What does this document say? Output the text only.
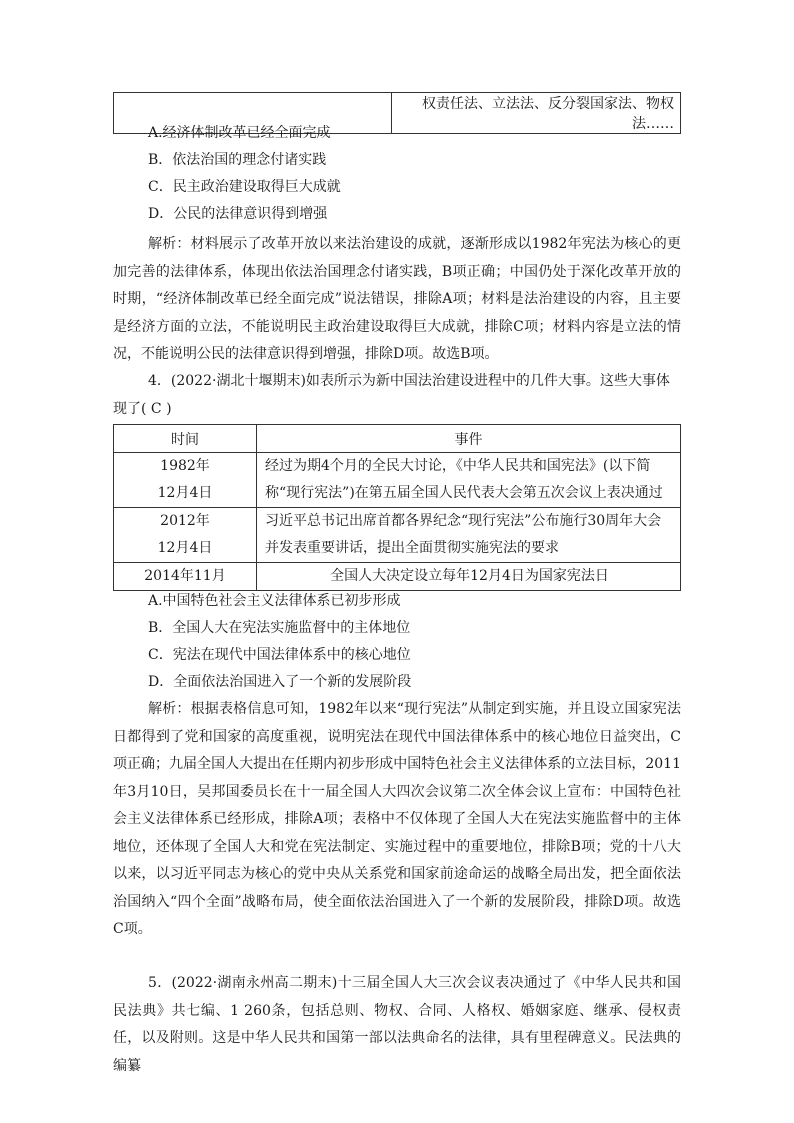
	权责任法、立法法、反分裂国家法、物权法……

A.经济体制改革已经全面完成

B．依法治国的理念付诸实践

C．民主政治建设取得巨大成就

D．公民的法律意识得到增强

解析：材料展示了改革开放以来法治建设的成就，逐渐形成以1982年宪法为核心的更加完善的法律体系，体现出依法治国理念付诸实践，B项正确；中国仍处于深化改革开放的时期，“经济体制改革已经全面完成”说法错误，排除A项；材料是法治建设的内容，且主要是经济方面的立法，不能说明民主政治建设取得巨大成就，排除C项；材料内容是立法的情况，不能说明公民的法律意识得到增强，排除D项。故选B项。

4．(2022·湖北十堰期末)如表所示为新中国法治建设进程中的几件大事。这些大事体现了( C )

时间	事件

1982年
12月4日	经过为期4个月的全民大讨论，《中华人民共和国宪法》(以下简称“现行宪法”)在第五届全国人民代表大会第五次会议上表决通过

2012年
12月4日	习近平总书记出席首都各界纪念“现行宪法”公布施行30周年大会并发表重要讲话，提出全面贯彻实施宪法的要求
2014年11月	全国人大决定设立每年12月4日为国家宪法日

A.中国特色社会主义法律体系已初步形成

B．全国人大在宪法实施监督中的主体地位

C．宪法在现代中国法律体系中的核心地位

D．全面依法治国进入了一个新的发展阶段

解析：根据表格信息可知，1982年以来“现行宪法”从制定到实施，并且设立国家宪法日都得到了党和国家的高度重视，说明宪法在现代中国法律体系中的核心地位日益突出，C项正确；九届全国人大提出在任期内初步形成中国特色社会主义法律体系的立法目标，2011年3月10日，吴邦国委员长在十一届全国人大四次会议第二次全体会议上宣布：中国特色社会主义法律体系已经形成，排除A项；表格中不仅体现了全国人大在宪法实施监督中的主体地位，还体现了全国人大和党在宪法制定、实施过程中的重要地位，排除B项；党的十八大以来，以习近平同志为核心的党中央从关系党和国家前途命运的战略全局出发，把全面依法治国纳入“四个全面”战略布局，使全面依法治国进入了一个新的发展阶段，排除D项。故选C项。

5．(2022·湖南永州高二期末)十三届全国人大三次会议表决通过了《中华人民共和国民法典》共七编、1 260条，包括总则、物权、合同、人格权、婚姻家庭、继承、侵权责任，以及附则。这是中华人民共和国第一部以法典命名的法律，具有里程碑意义。民法典的编纂
